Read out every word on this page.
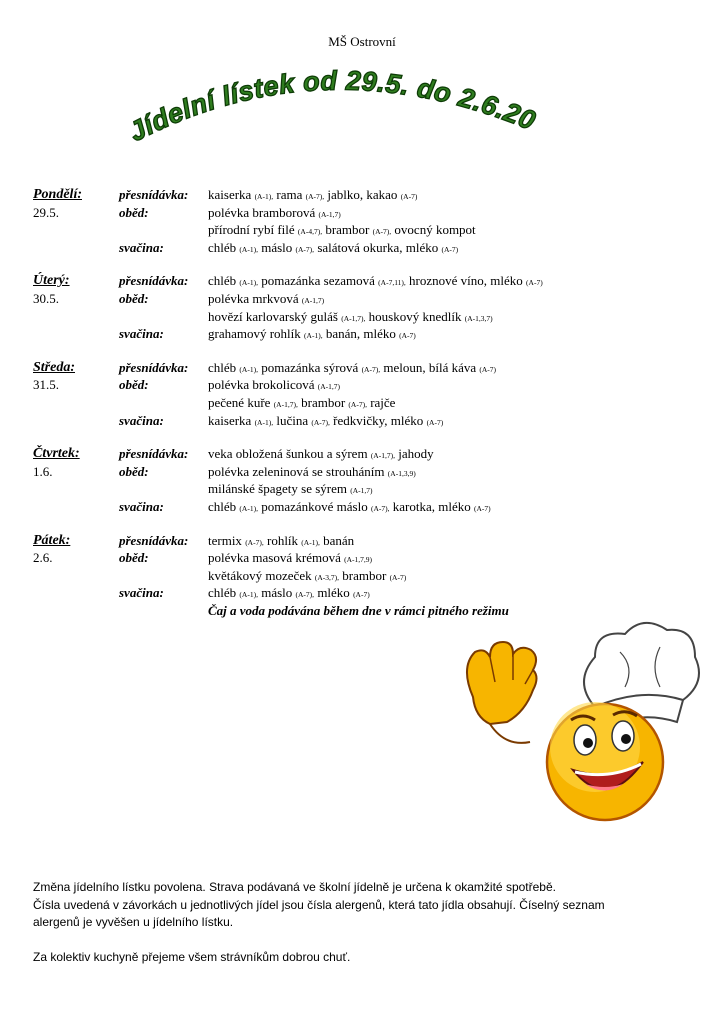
MŠ Ostrovní
Jídelní lístek od 29.5. do 2.6.20
Pondělí:	přesnídávka: kaiserka (A-1), rama (A-7), jablko, kakao (A-7)
29.5.	oběd:	polévka bramborová (A-1,7)
přírodní rybí filé (A-4,7), brambor (A-7), ovocný kompot
svačina:	chléb (A-1), máslo (A-7), salátová okurka, mléko (A-7)
Úterý:	přesnídávka: chléb (A-1), pomazánka sezamová (A-7,11), hroznové víno, mléko (A-7)
30.5.	oběd:	polévka mrkvová (A-1,7)
hovězí karlovarský guláš (A-1,7), houskový knedlík (A-1,3,7)
svačina:	grahamový rohlík (A-1), banán, mléko (A-7)
Středa:	přesnídávka: chléb (A-1), pomazánka sýrová (A-7), meloun, bílá káva (A-7)
31.5.	oběd:	polévka brokolicová (A-1,7)
pečené kuře (A-1,7), brambor (A-7), rajče
svačina:	kaiserka (A-1), lučina (A-7), ředkvičky, mléko (A-7)
Čtvrtek:	přesnídávka: veka obložená šunkou a sýrem (A-1,7), jahody
1.6.	oběd:	polévka zeleninová se strouháním (A-1,3,9)
milánské špagety se sýrem (A-1,7)
svačina:	chléb (A-1), pomazánkové máslo (A-7), karotka, mléko (A-7)
Pátek:	přesnídávka: termix (A-7), rohlík (A-1), banán
2.6.	oběd:	polévka masová krémová (A-1,7,9)
květákový mozeček (A-3,7), brambor (A-7)
svačina:	chléb (A-1), máslo (A-7), mléko (A-7)
Čaj a voda podávána během dne v rámci pitného režimu

Změna jídelního lístku povolena. Strava podávaná ve školní jídelně je určena k okamžité spotřebě.

Čísla uvedená v závorkách u jednotlivých jídel jsou čísla alergenů, která tato jídla obsahují. Číselný seznam

alergenů je vyvěšen u jídelního lístku.

Za kolektiv kuchyně přejeme všem strávníkům dobrou chuť.
